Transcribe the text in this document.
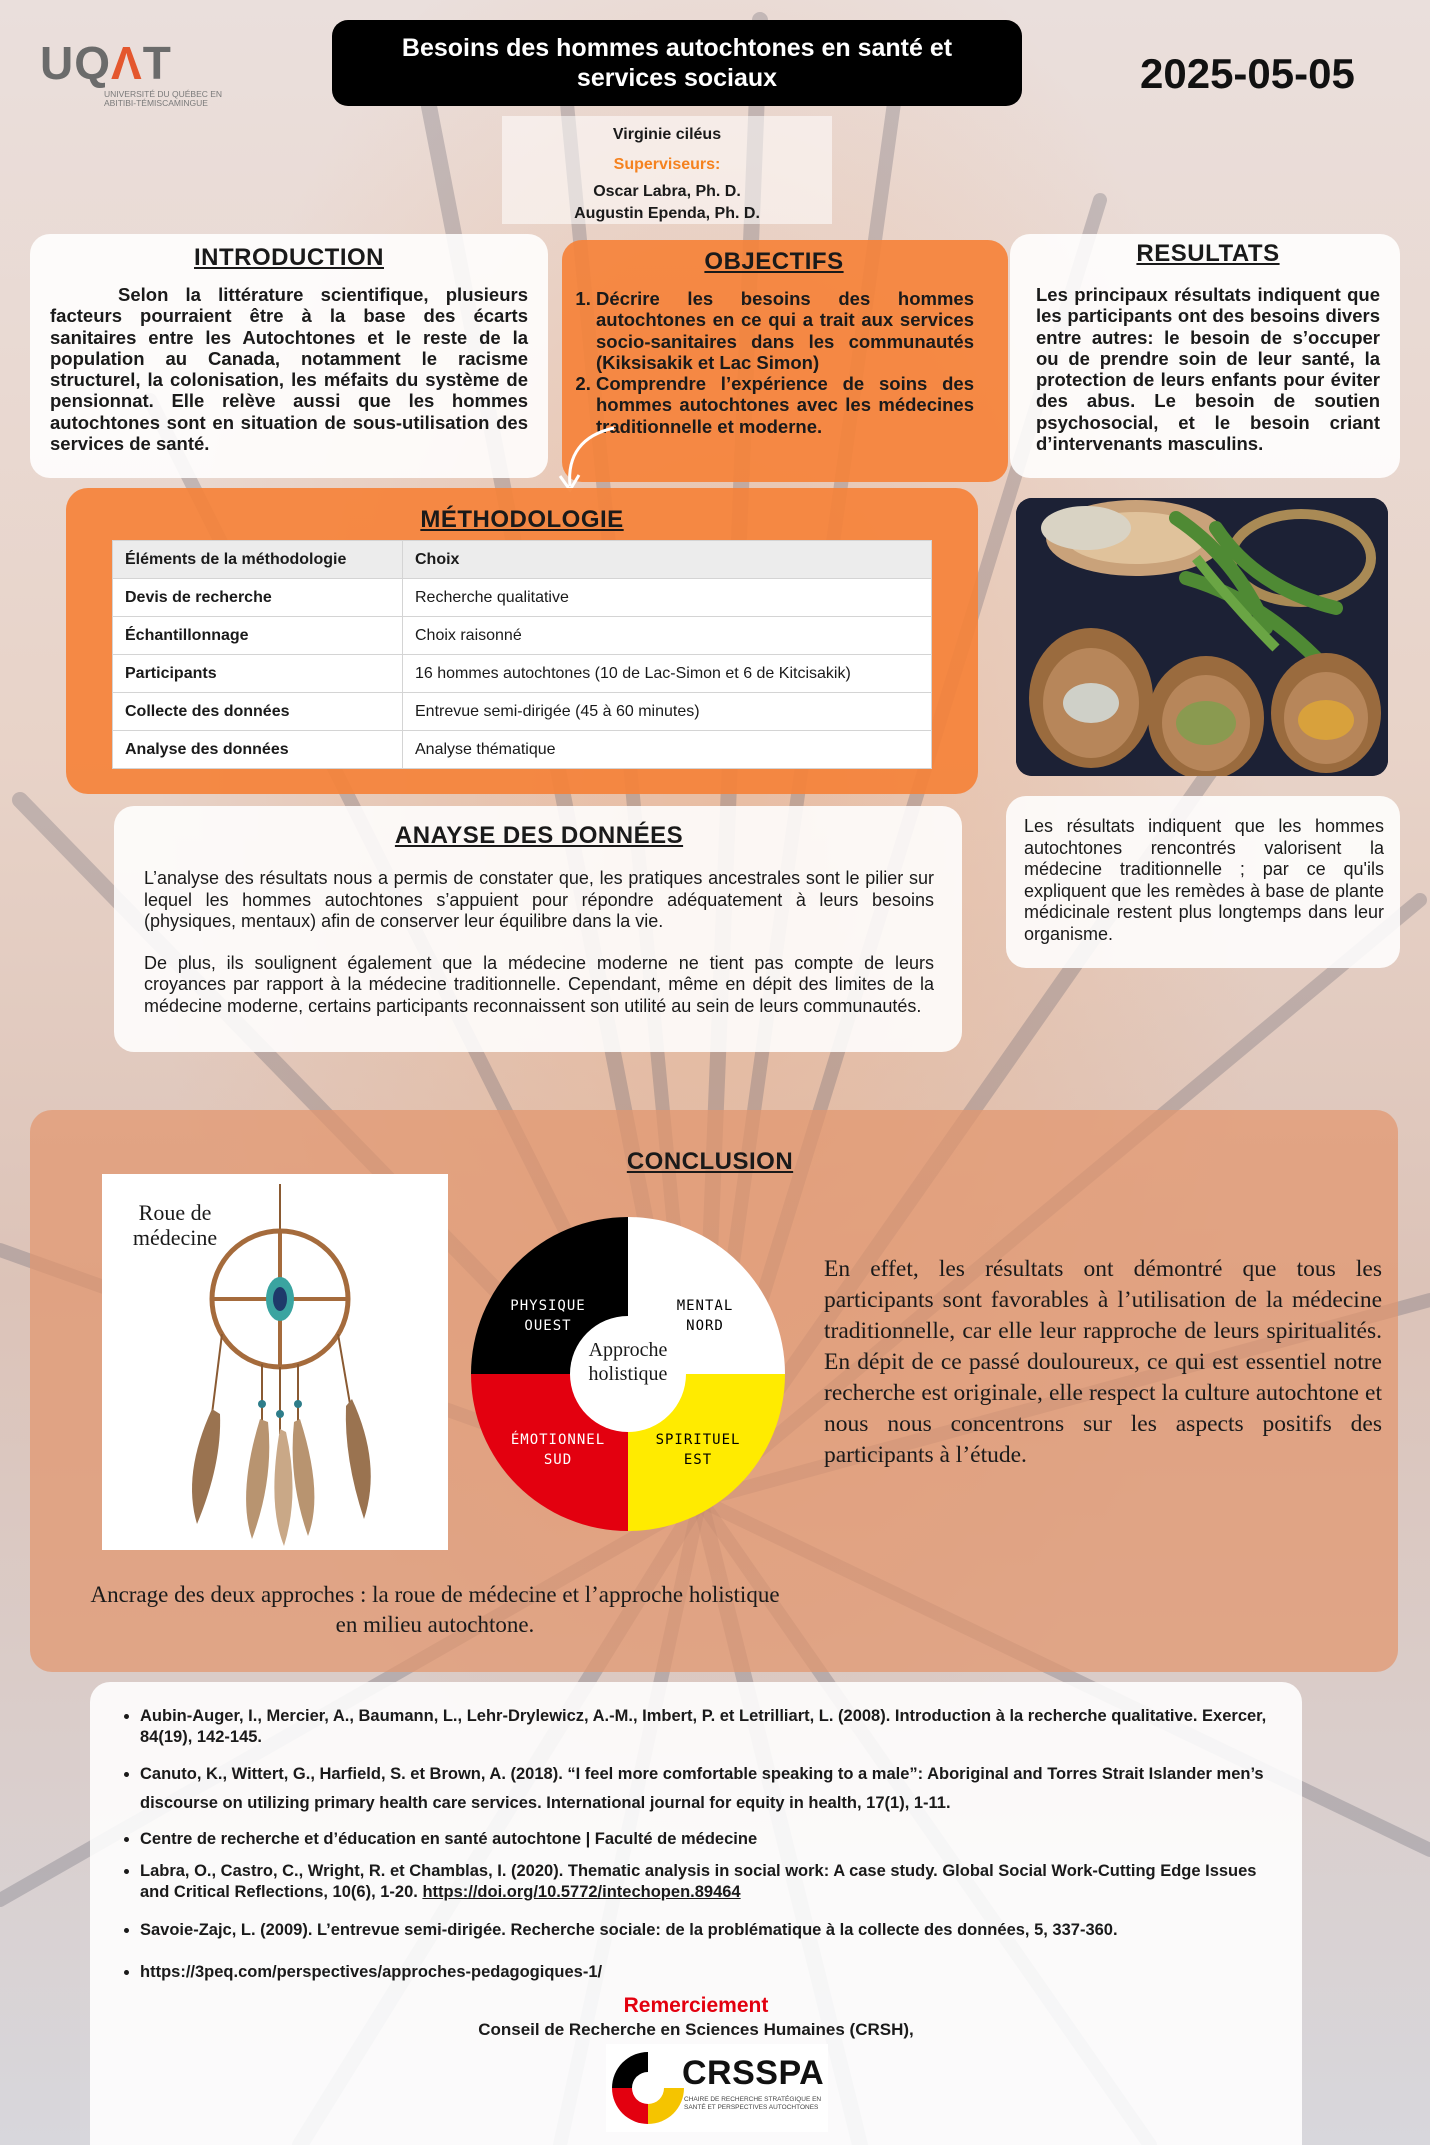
UQΛT
UNIVERSITÉ DU QUÉBEC EN ABITIBI-TÉMISCAMINGUE
Besoins des hommes autochtones en santé et services sociaux	2025-05-05
Virginie ciléus
Superviseurs:
Oscar Labra, Ph. D.
Augustin Ependa, Ph. D.
INTRODUCTION
Selon la littérature scientifique, plusieurs facteurs pourraient être à la base des écarts sanitaires entre les Autochtones et le reste de la population au Canada, notamment le racisme structurel, la colonisation, les méfaits du système de pensionnat. Elle relève aussi que les hommes autochtones sont en situation de sous-utilisation des services de santé.
OBJECTIFS
1. Décrire les besoins des hommes autochtones en ce qui a trait aux services socio-sanitaires dans les communautés (Kiksisakik et Lac Simon)
2. Comprendre l’expérience de soins des hommes autochtones avec les médecines traditionnelle et moderne.
RESULTATS
Les principaux résultats indiquent que les participants ont des besoins divers entre autres: le besoin de s’occuper ou de prendre soin de leur santé, la protection de leurs enfants pour éviter des abus. Le besoin de soutien psychosocial, et le besoin criant d’intervenants masculins.
MÉTHODOLOGIE
Éléments de la méthodologie	Choix
Devis de recherche	Recherche qualitative
Échantillonnage	Choix raisonné
Participants	16 hommes autochtones (10 de Lac-Simon et 6 de Kitcisakik)
Collecte des données	Entrevue semi-dirigée (45 à 60 minutes)
Analyse des données	Analyse thématique
Les résultats indiquent que les hommes autochtones rencontrés valorisent la médecine traditionnelle ; par ce qu'ils expliquent que les remèdes à base de plante médicinale restent plus longtemps dans leur organisme.
ANAYSE DES DONNÉES
L’analyse des résultats nous a permis de constater que, les pratiques ancestrales sont le pilier sur lequel les hommes autochtones s’appuient pour répondre adéquatement à leurs besoins (physiques, mentaux) afin de conserver leur équilibre dans la vie.
De plus, ils soulignent également que la médecine moderne ne tient pas compte de leurs croyances par rapport à la médecine traditionnelle. Cependant, même en dépit des limites de la médecine moderne, certains participants reconnaissent son utilité au sein de leurs communautés.
CONCLUSION
Roue de médecine
PHYSIQUE
OUEST
MENTAL
NORD
ÉMOTIONNEL
SUD
SPIRITUEL
EST
Approche holistique
En effet, les résultats ont démontré que tous les participants sont favorables à l’utilisation de la médecine traditionnelle, car elle leur rapproche de leurs spiritualités. En dépit de ce passé douloureux, ce qui est essentiel notre recherche est originale, elle respect la culture autochtone et nous nous concentrons sur les aspects positifs des participants à l’étude.
Ancrage des deux approches : la roue de médecine et l’approche holistique en milieu autochtone.
• Aubin-Auger, I., Mercier, A., Baumann, L., Lehr-Drylewicz, A.-M., Imbert, P. et Letrilliart, L. (2008). Introduction à la recherche qualitative. Exercer, 84(19), 142-145.
• Canuto, K., Wittert, G., Harfield, S. et Brown, A. (2018). “I feel more comfortable speaking to a male”: Aboriginal and Torres Strait Islander men’s discourse on utilizing primary health care services. International journal for equity in health, 17(1), 1-11.
• Centre de recherche et d’éducation en santé autochtone | Faculté de médecine
• Labra, O., Castro, C., Wright, R. et Chamblas, I. (2020). Thematic analysis in social work: A case study. Global Social Work-Cutting Edge Issues and Critical Reflections, 10(6), 1-20. https://doi.org/10.5772/intechopen.89464
• Savoie-Zajc, L. (2009). L’entrevue semi-dirigée. Recherche sociale: de la problématique à la collecte des données, 5, 337-360.
• https://3peq.com/perspectives/approches-pedagogiques-1/
Remerciement
Conseil de Recherche en Sciences Humaines (CRSH),
CRSSPA
CHAIRE DE RECHERCHE STRATÉGIQUE EN SANTÉ ET PERSPECTIVES AUTOCHTONES
